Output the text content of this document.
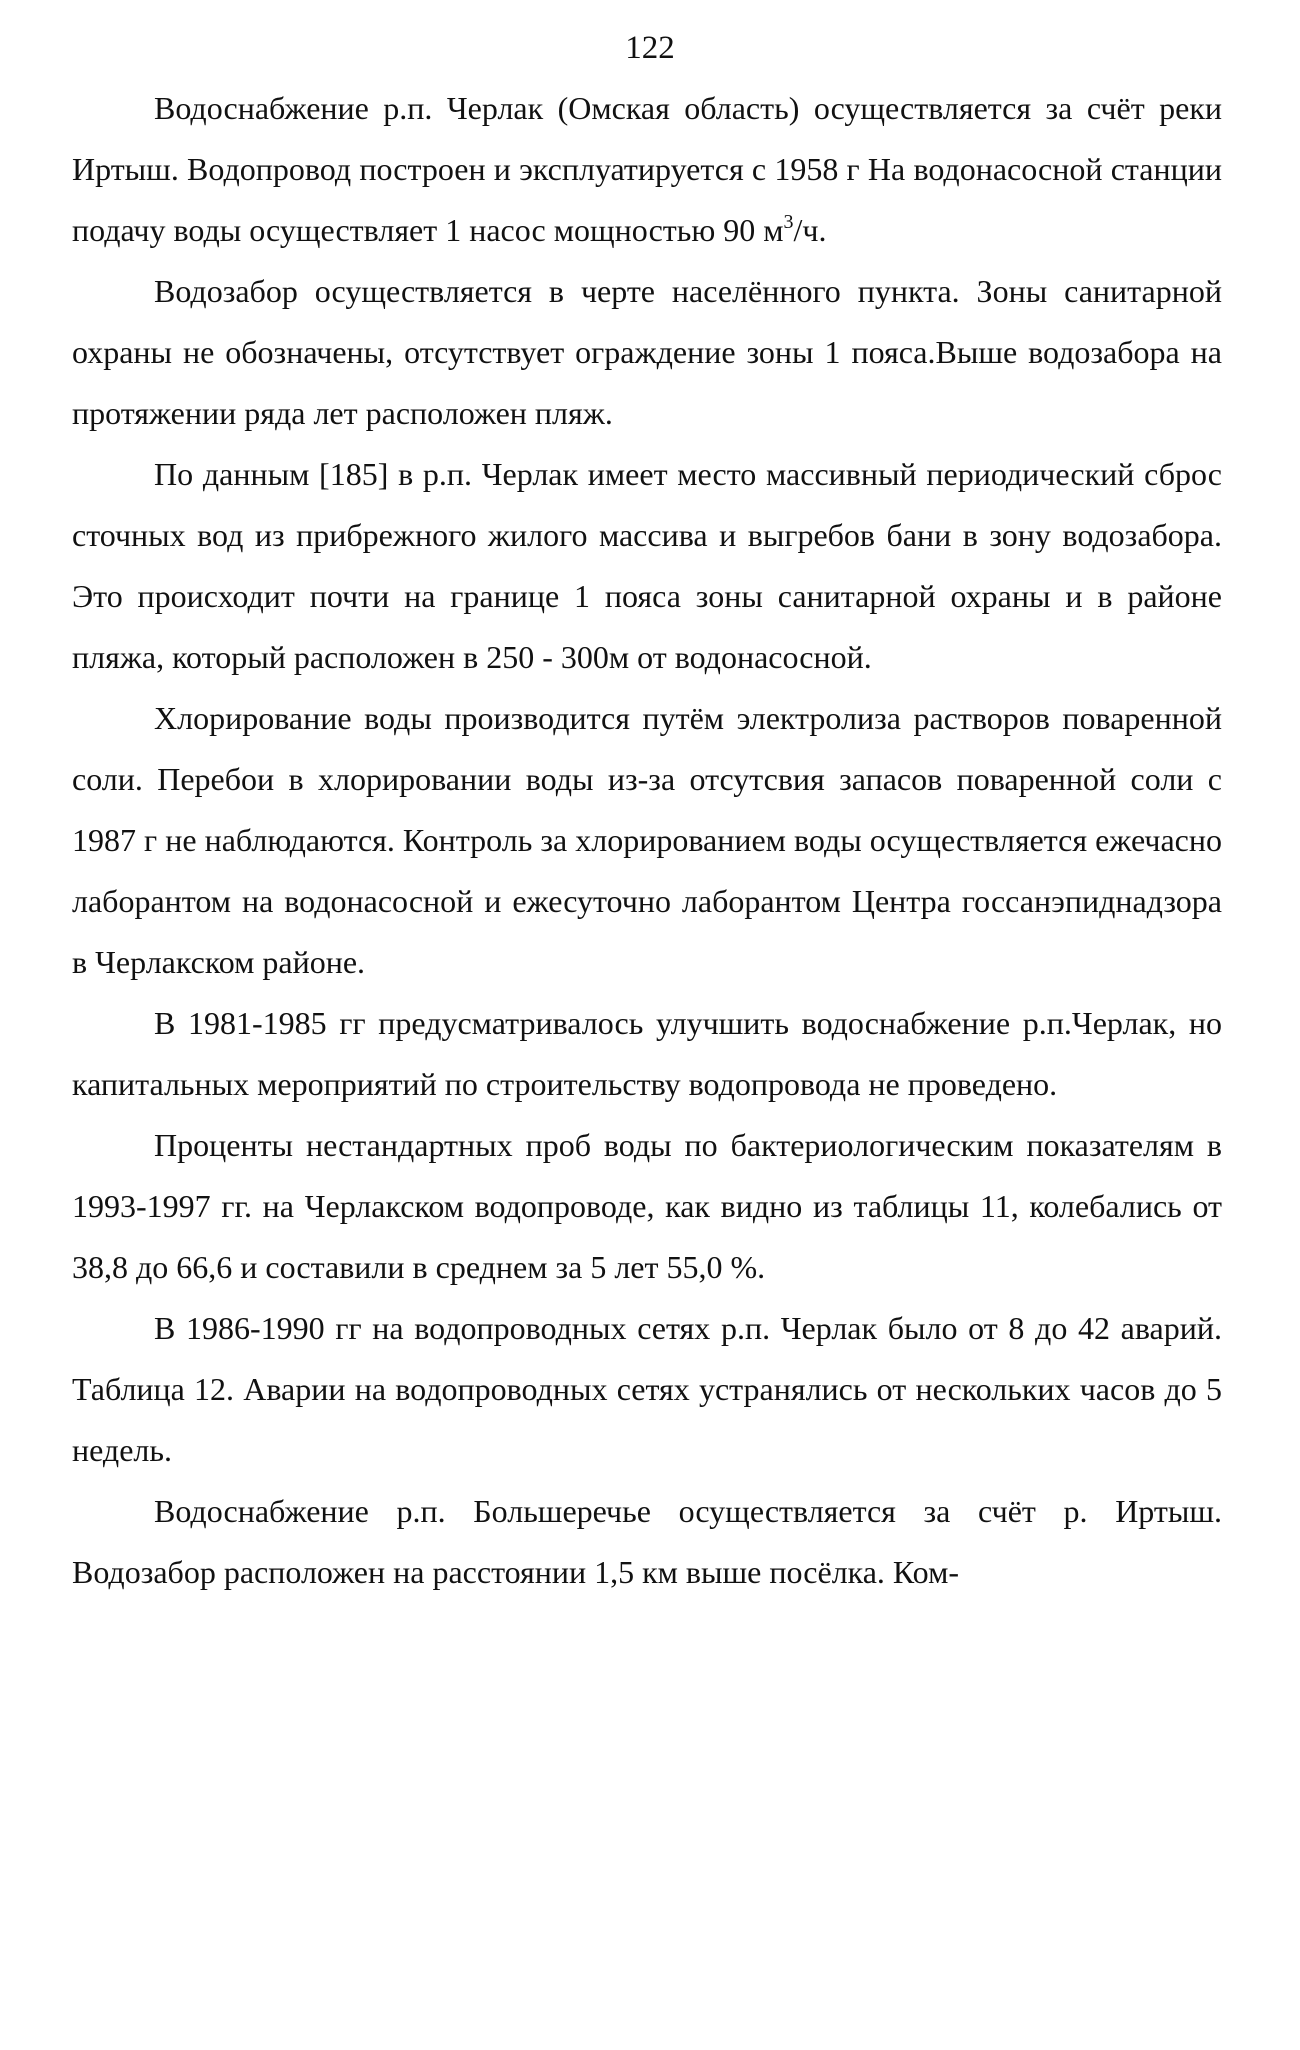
122

Водоснабжение р.п. Черлак (Омская область) осуществляется за счёт реки Иртыш. Водопровод построен и эксплуатируется с 1958 г На водонасосной станции подачу воды осуществляет 1 насос мощностью 90 $м^3/ч$.

Водозабор осуществляется в черте населённого пункта. Зоны санитарной охраны не обозначены, отсутствует ограждение зоны 1 пояса.Выше водозабора на протяжении ряда лет расположен пляж.

По данным [185] в р.п. Черлак имеет место массивный периодический сброс сточных вод из прибрежного жилого массива и выгребов бани в зону водозабора. Это происходит почти на границе 1 пояса зоны санитарной охраны и в районе пляжа, который расположен в 250 - 300м от водонасосной.

Хлорирование воды производится путём электролиза растворов поваренной соли. Перебои в хлорировании воды из-за отсутсвия запасов поваренной соли с 1987 г не наблюдаются. Контроль за хлорированием воды осуществляется ежечасно лаборантом на водонасосной и ежесуточно лаборантом Центра госсанэпиднадзора в Черлакском районе.

В 1981-1985 гг предусматривалось улучшить водоснабжение р.п.Черлак, но капитальных мероприятий по строительству водопровода не проведено.

Проценты нестандартных проб воды по бактериологическим показателям в 1993-1997 гг. на Черлакском водопроводе, как видно из таблицы 11, колебались от 38,8 до 66,6 и составили в среднем за 5 лет 55,0 %.

В 1986-1990 гг на водопроводных сетях р.п. Черлак было от 8 до 42 аварий. Таблица 12. Аварии на водопроводных сетях устранялись от нескольких часов до 5 недель.

Водоснабжение р.п. Большеречье осуществляется за счёт р. Иртыш. Водозабор расположен на расстоянии 1,5 км выше посёлка. Ком-
